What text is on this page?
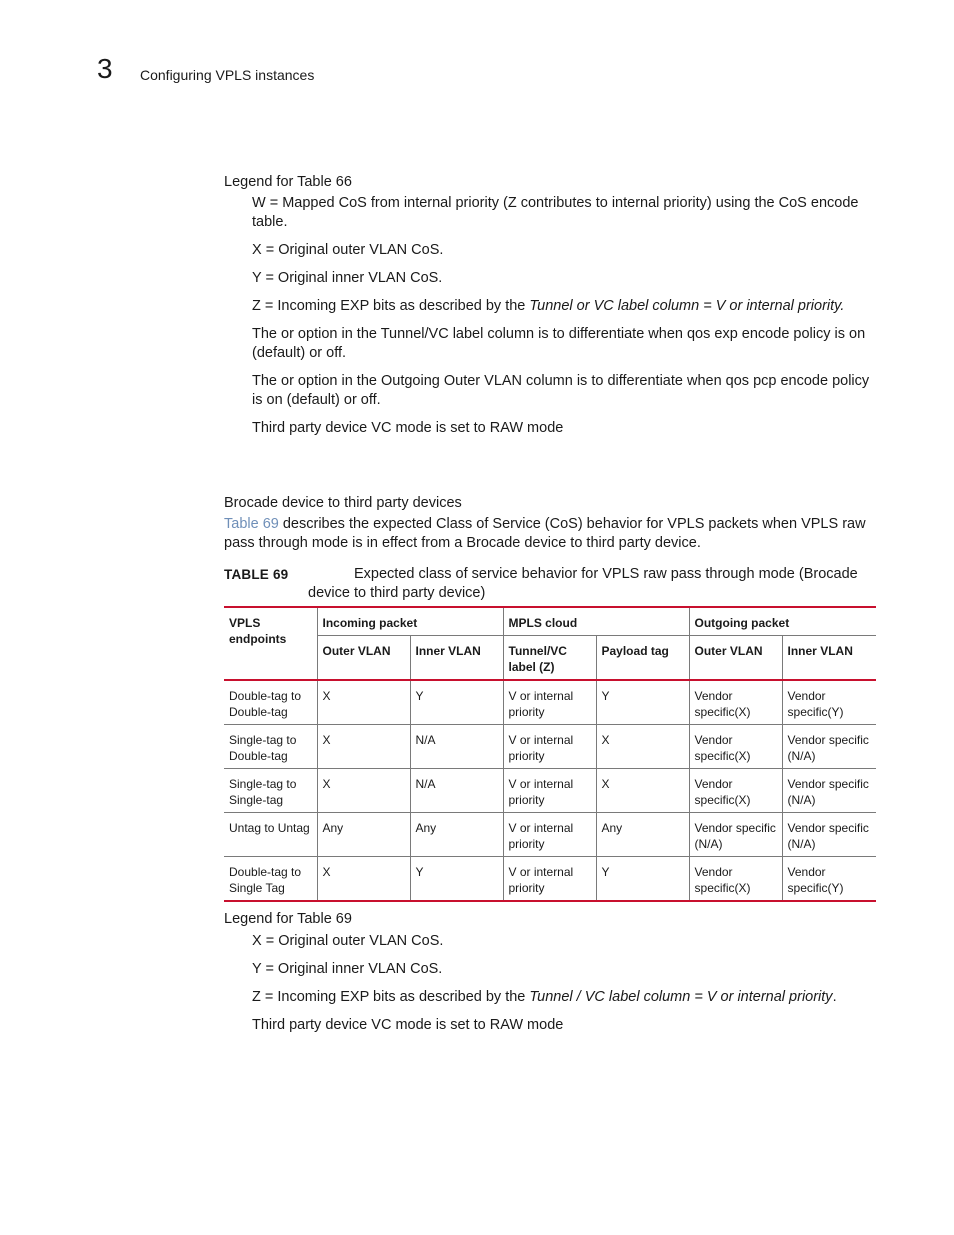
3 Configuring VPLS instances
Legend for Table 66
W = Mapped CoS from internal priority (Z contributes to internal priority) using the CoS encode table.
X = Original outer VLAN CoS.
Y = Original inner VLAN CoS.
Z = Incoming EXP bits as described by the Tunnel or VC label column = V or internal priority.
The or option in the Tunnel/VC label column is to differentiate when qos exp encode policy is on (default) or off.
The or option in the Outgoing Outer VLAN column is to differentiate when qos pcp encode policy is on (default) or off.
Third party device VC mode is set to RAW mode
Brocade device to third party devices
Table 69 describes the expected Class of Service (CoS) behavior for VPLS packets when VPLS raw pass through mode is in effect from a Brocade device to third party device.
TABLE 69	Expected class of service behavior for VPLS raw pass through mode (Brocade
device to third party device)
VPLS endpoints	Incoming packet		MPLS cloud		Outgoing packet	
	Outer VLAN	Inner VLAN	Tunnel/VC label (Z)	Payload tag	Outer VLAN	Inner VLAN
Double-tag to Double-tag	X	Y	V or internal priority	Y	Vendor specific(X)	Vendor specific(Y)
Single-tag to Double-tag	X	N/A	V or internal priority	X	Vendor specific(X)	Vendor specific (N/A)
Single-tag to Single-tag	X	N/A	V or internal priority	X	Vendor specific(X)	Vendor specific (N/A)
Untag to Untag	Any	Any	V or internal priority	Any	Vendor specific (N/A)	Vendor specific (N/A)
Double-tag to Single Tag	X	Y	V or internal priority	Y	Vendor specific(X)	Vendor specific(Y)
Legend for Table 69
X = Original outer VLAN CoS.
Y = Original inner VLAN CoS.
Z = Incoming EXP bits as described by the Tunnel / VC label column = V or internal priority.
Third party device VC mode is set to RAW mode
